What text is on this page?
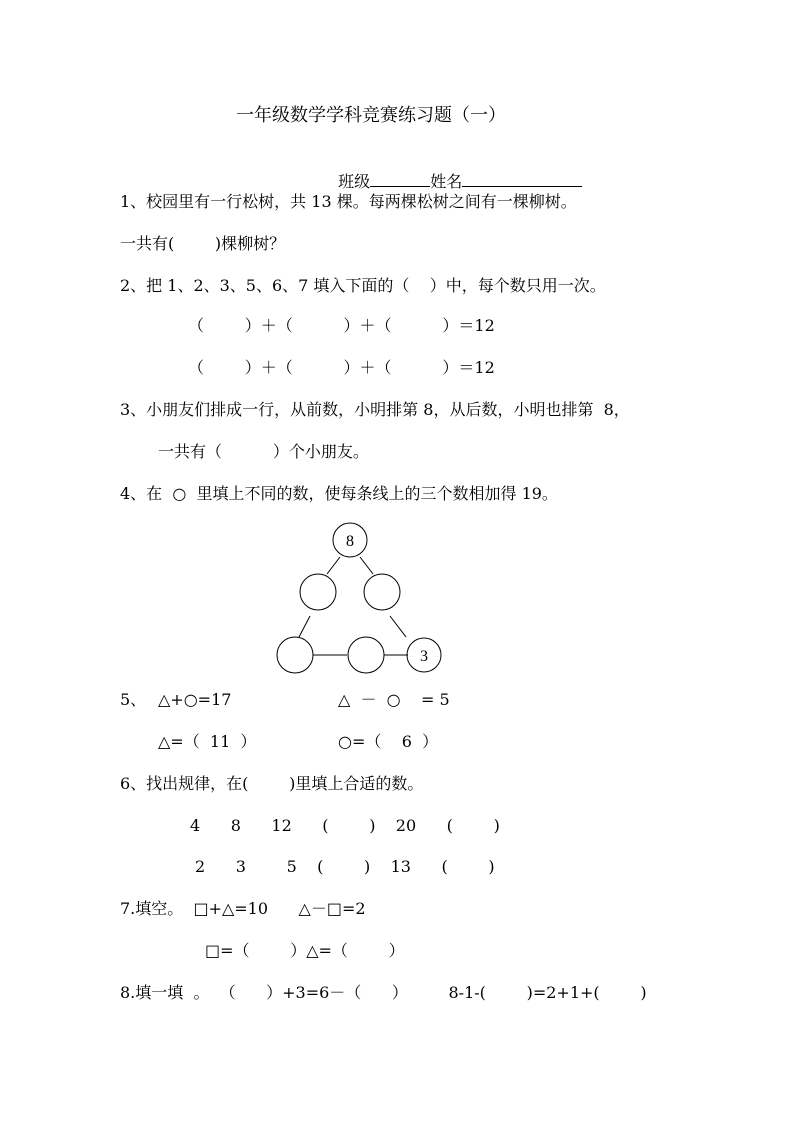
一年级数学学科竞赛练习题（一）

班级	姓名

1、校园里有一行松树，共 13 棵。每两棵松树之间有一棵柳树。
一共有(        )棵柳树？
2、把 1、2、3、5、6、7 填入下面的（    ）中，每个数只用一次。
（        ）＋（          ）＋（          ）＝12
（        ）＋（          ）＋（          ）＝12
3、小朋友们排成一行，从前数，小明排第 8，从后数，小明也排第  8，
一共有（          ）个小朋友。
4、在  ○  里填上不同的数，使每条线上的三个数相加得 19。
8
3
5、 △+○=17	△  －  ○    = 5
△=（  11  ）	○=（    6  ）
6、找出规律，在(        )里填上合适的数。
4      8      12      (        )    20      (        )
2      3        5    (        )    13      (        )
7.填空。  □+△=10      △－□=2
□=（        ）△=（        ）
8.填一填  。  （      ）+3=6－（      ）        8-1-(        )=2+1+(        )
